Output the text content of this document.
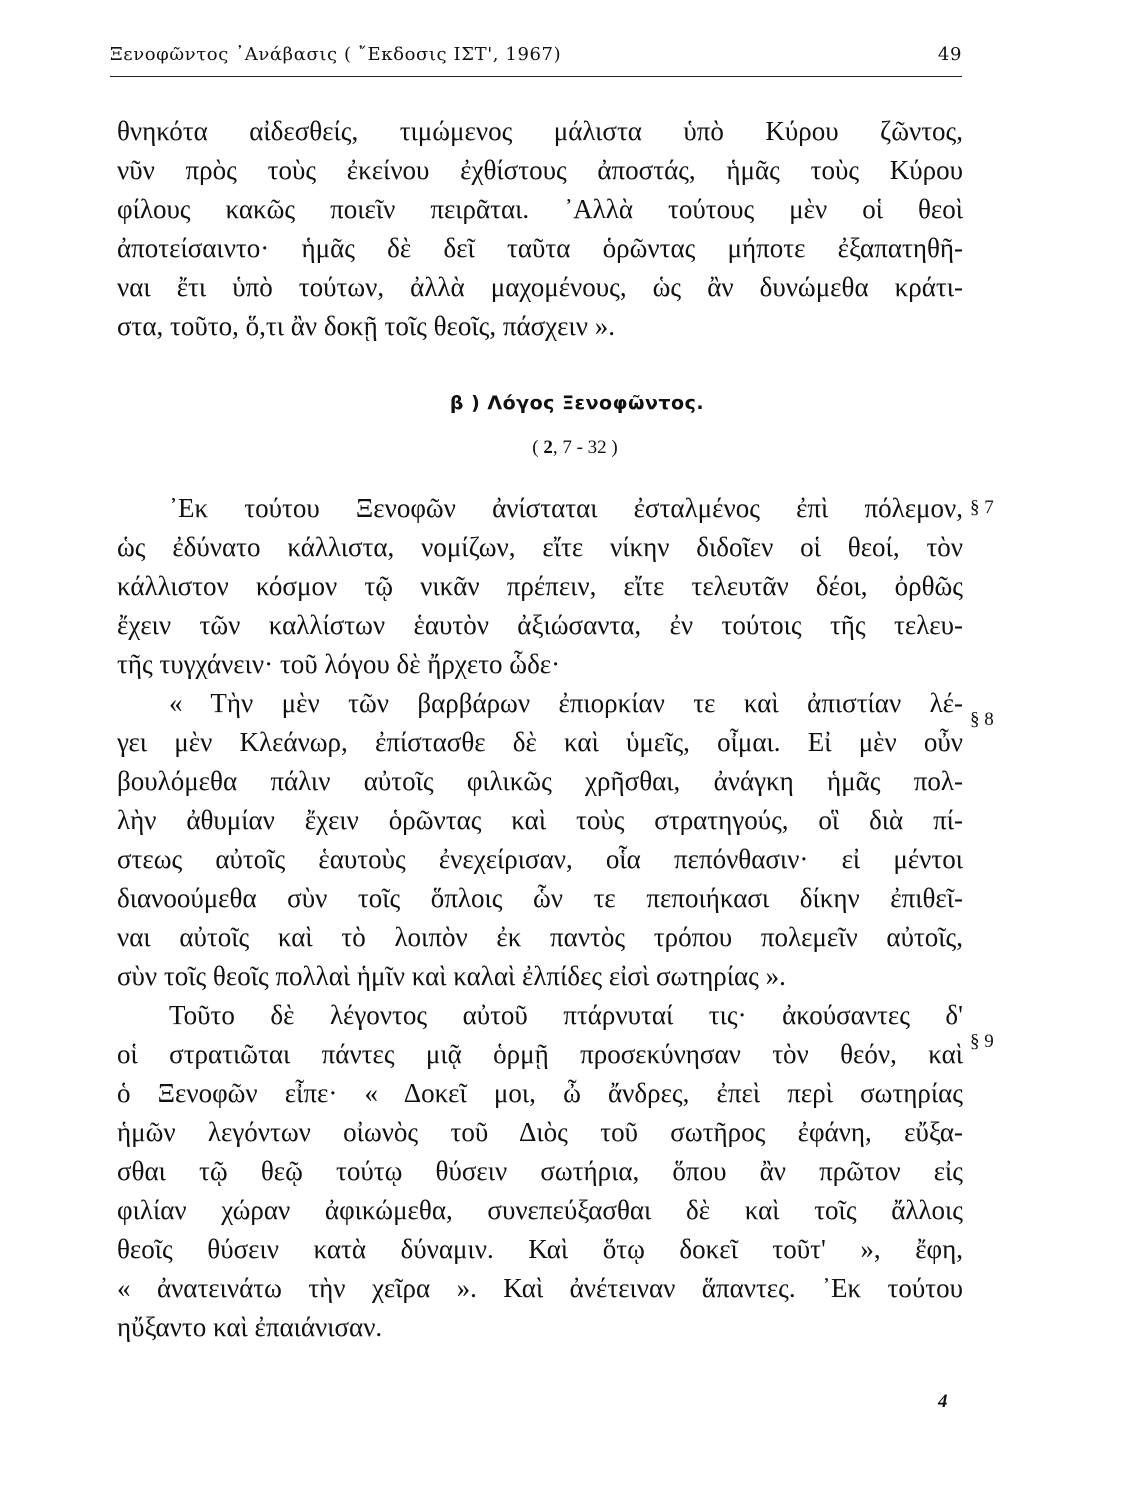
Ξενοφῶντος ᾿Ανάβασις ( ῎Εκδοσις ΙΣΤ', 1967)	49
θνηκότα αἰδεσθείς, τιμώμενος μάλιστα ὑπὸ Κύρου ζῶντος,
νῦν πρὸς τοὺς ἐκείνου ἐχθίστους ἀποστάς, ἡμᾶς τοὺς Κύρου
φίλους κακῶς ποιεῖν πειρᾶται. ᾿Αλλὰ τούτους μὲν οἱ θεοὶ
ἀποτείσαιντο· ἡμᾶς δὲ δεῖ ταῦτα ὁρῶντας μήποτε ἐξαπατηθῆ-
ναι ἔτι ὑπὸ τούτων, ἀλλὰ μαχομένους, ὡς ἂν δυνώμεθα κράτι-
στα, τοῦτο, ὅ,τι ἂν δοκῇ τοῖς θεοῖς, πάσχειν ».
β ) Λόγος Ξενοφῶντος.
( 2, 7 - 32 )
᾿Εκ τούτου Ξενοφῶν ἀνίσταται ἐσταλμένος ἐπὶ πόλεμον,
ὡς ἐδύνατο κάλλιστα, νομίζων, εἴτε νίκην διδοῖεν οἱ θεοί, τὸν
κάλλιστον κόσμον τῷ νικᾶν πρέπειν, εἴτε τελευτᾶν δέοι, ὀρθῶς
ἔχειν τῶν καλλίστων ἑαυτὸν ἀξιώσαντα, ἐν τούτοις τῆς τελευ-
τῆς τυγχάνειν· τοῦ λόγου δὲ ἤρχετο ὧδε·
« Τὴν μὲν τῶν βαρβάρων ἐπιορκίαν τε καὶ ἀπιστίαν λέ-
γει μὲν Κλεάνωρ, ἐπίστασθε δὲ καὶ ὑμεῖς, οἶμαι. Εἰ μὲν οὖν
βουλόμεθα πάλιν αὐτοῖς φιλικῶς χρῆσθαι, ἀνάγκη ἡμᾶς πολ-
λὴν ἀθυμίαν ἔχειν ὁρῶντας καὶ τοὺς στρατηγούς, οἳ διὰ πί-
στεως αὐτοῖς ἑαυτοὺς ἐνεχείρισαν, οἷα πεπόνθασιν· εἰ μέντοι
διανοούμεθα σὺν τοῖς ὅπλοις ὧν τε πεποιήκασι δίκην ἐπιθεῖ-
ναι αὐτοῖς καὶ τὸ λοιπὸν ἐκ παντὸς τρόπου πολεμεῖν αὐτοῖς,
σὺν τοῖς θεοῖς πολλαὶ ἡμῖν καὶ καλαὶ ἐλπίδες εἰσὶ σωτηρίας ».
Τοῦτο δὲ λέγοντος αὐτοῦ πτάρνυταί τις· ἀκούσαντες δ'
οἱ στρατιῶται πάντες μιᾷ ὁρμῇ προσεκύνησαν τὸν θεόν, καὶ
ὁ Ξενοφῶν εἶπε· « Δοκεῖ μοι, ὦ ἄνδρες, ἐπεὶ περὶ σωτηρίας
ἡμῶν λεγόντων οἰωνὸς τοῦ Διὸς τοῦ σωτῆρος ἐφάνη, εὔξα-
σθαι τῷ θεῷ τούτῳ θύσειν σωτήρια, ὅπου ἂν πρῶτον εἰς
φιλίαν χώραν ἀφικώμεθα, συνεπεύξασθαι δὲ καὶ τοῖς ἄλλοις
θεοῖς θύσειν κατὰ δύναμιν. Καὶ ὅτῳ δοκεῖ τοῦτ' », ἔφη,
« ἀνατεινάτω τὴν χεῖρα ». Καὶ ἀνέτειναν ἅπαντες. ᾿Εκ τούτου
ηὔξαντο καὶ ἐπαιάνισαν.
§ 7
§ 8
§ 9
4
